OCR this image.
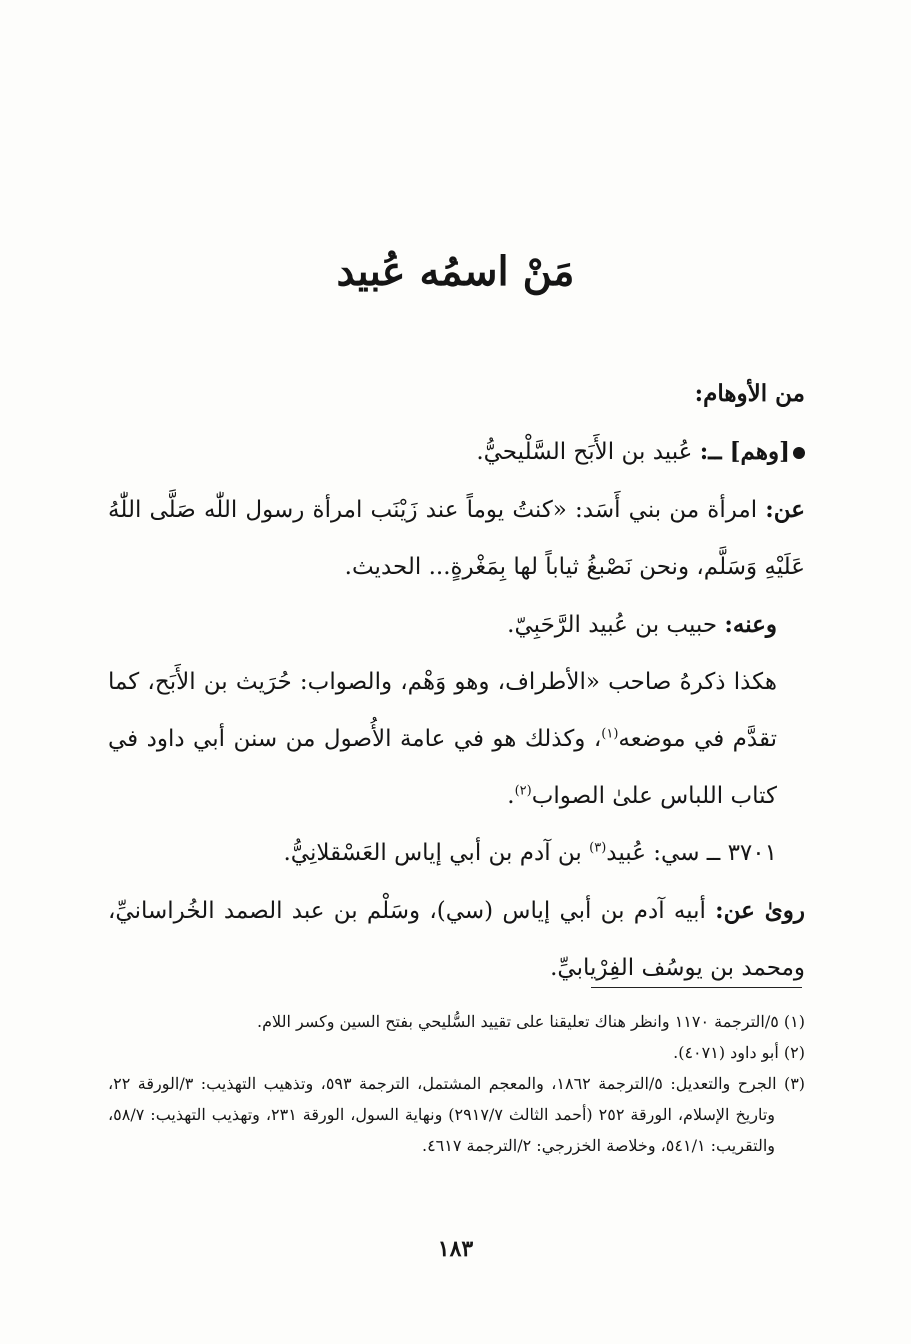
مَنْ اسمُه عُبيد

من الأوهام:

[وهم] ــ: عُبيد بن الأَبَح السَّلْيحيُّ.

عن: امرأة من بني أَسَد: «كنتُ يوماً عند زَيْنَب امرأة رسول اللّٰه صَلَّى اللّٰهُ عَلَيْهِ وَسَلَّم، ونحن نَصْبغُ ثياباً لها بِمَغْرةٍ... الحديث.

وعنه: حبيب بن عُبيد الرَّحَبِيّ.

هكذا ذكرهُ صاحب «الأطراف، وهو وَهْم، والصواب: حُرَيث بن الأَبَح، كما تقدَّم في موضعه$^{(١)}$، وكذلك هو في عامة الأُصول من سنن أبي داود في كتاب اللباس علىٰ الصواب$^{(٢)}$.

٣٧٠١ ــ سي: عُبيد$^{(٣)}$ بن آدم بن أبي إياس العَسْقلانِيُّ.

روىٰ عن: أبيه آدم بن أبي إياس (سي)، وسَلْم بن عبد الصمد الخُراسانيِّ، ومحمد بن يوسُف الفِرْيابيِّ.

(١) ٥/الترجمة ١١٧٠ وانظر هناك تعليقنا على تقييد السُّليحي بفتح السين وكسر اللام.

(٢) أبو داود (٤٠٧١).

(٣) الجرح والتعديل: ٥/الترجمة ١٨٦٢، والمعجم المشتمل، الترجمة ٥٩٣، وتذهيب التهذيب: ٣/الورقة ٢٢، وتاريخ الإسلام، الورقة ٢٥٢ (أحمد الثالث ٢٩١٧/٧) ونهاية السول، الورقة ٢٣١، وتهذيب التهذيب: ٥٨/٧، والتقريب: ٥٤١/١، وخلاصة الخزرجي: ٢/الترجمة ٤٦١٧.

١٨٣
